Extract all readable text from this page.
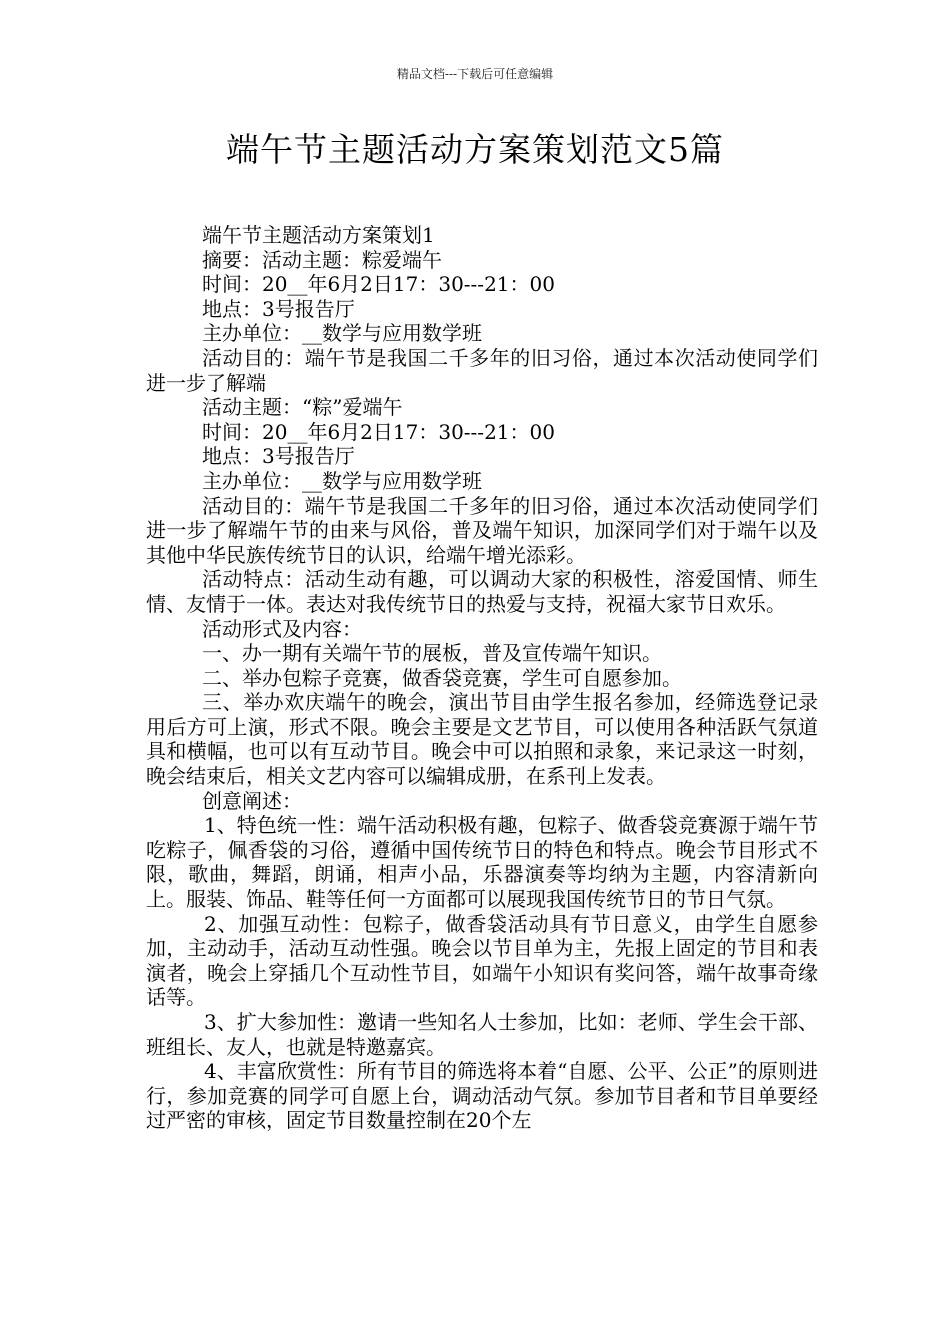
精品文档---下载后可任意编辑
端午节主题活动方案策划范文5篇

端午节主题活动方案策划1

摘要：活动主题：粽爱端午

时间：20__年6月2日17：30---21：00

地点：3号报告厅

主办单位：__数学与应用数学班

活动目的：端午节是我国二千多年的旧习俗，通过本次活动使同学们进一步了解端

活动主题：“粽”爱端午

时间：20__年6月2日17：30---21：00

地点：3号报告厅

主办单位：__数学与应用数学班

活动目的：端午节是我国二千多年的旧习俗，通过本次活动使同学们进一步了解端午节的由来与风俗，普及端午知识，加深同学们对于端午以及其他中华民族传统节日的认识，给端午增光添彩。

活动特点：活动生动有趣，可以调动大家的积极性，溶爱国情、师生情、友情于一体。表达对我传统节日的热爱与支持，祝福大家节日欢乐。

活动形式及内容：

一、办一期有关端午节的展板，普及宣传端午知识。

二、举办包粽子竞赛，做香袋竞赛，学生可自愿参加。

三、举办欢庆端午的晚会，演出节目由学生报名参加，经筛选登记录用后方可上演，形式不限。晚会主要是文艺节目，可以使用各种活跃气氛道具和横幅，也可以有互动节目。晚会中可以拍照和录象，来记录这一时刻，晚会结束后，相关文艺内容可以编辑成册，在系刊上发表。

创意阐述：

1、特色统一性：端午活动积极有趣，包粽子、做香袋竞赛源于端午节吃粽子，佩香袋的习俗，遵循中国传统节日的特色和特点。晚会节目形式不限，歌曲，舞蹈，朗诵，相声小品，乐器演奏等均纳为主题，内容清新向上。服装、饰品、鞋等任何一方面都可以展现我国传统节日的节日气氛。

2、加强互动性：包粽子，做香袋活动具有节日意义，由学生自愿参加，主动动手，活动互动性强。晚会以节目单为主，先报上固定的节目和表演者，晚会上穿插几个互动性节目，如端午小知识有奖问答，端午故事奇缘话等。

3、扩大参加性：邀请一些知名人士参加，比如：老师、学生会干部、班组长、友人，也就是特邀嘉宾。

4、丰富欣赏性：所有节目的筛选将本着“自愿、公平、公正”的原则进行，参加竞赛的同学可自愿上台，调动活动气氛。参加节目者和节目单要经过严密的审核，固定节目数量控制在20个左
